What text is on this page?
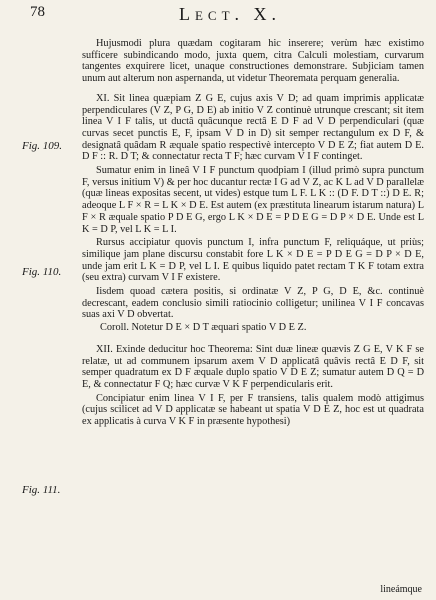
78	Lect. X.
Fig. 109.
Fig. 110.
Fig. 111.

Hujusmodi plura quædam cogitaram hic inserere; verùm hæc existimo sufficere subindicando modo, juxta quem, citra Calculi molestiam, curvarum tangentes exquirere licet, unaque constructiones demonstrare. Subjiciam tamen unum aut alterum non aspernanda, ut videtur Theoremata perquam generalia.

XI. Sit linea quæpiam Z G E, cujus axis V D; ad quam imprimis applicatæ perpendiculares (V Z, P G, D E) ab initio V Z continuè utrunque crescant; sit item linea V I F talis, ut ductâ quâcunque rectâ E D F ad V D perpendiculari (quæ curvas secet punctis E, F, ipsam V D in D) sit semper rectangulum ex D F, & designatâ quâdam R æquale spatio respectivè intercepto V D E Z; fiat autem D E. D F :: R. D T; & connectatur recta T F; hæc curvam V I F continget.

Sumatur enim in lineâ V I F punctum quodpiam I (illud primò supra punctum F, versus initium V) & per hoc ducantur rectæ I G ad V Z, ac K L ad V D parallelæ (quæ lineas expositas secent, ut vides) estque tum L F. L K :: (D F. D T ::) D E. R; adeoque L F × R = L K × D E. Est autem (ex præstituta linearum istarum natura) L F × R æquale spatio P D E G, ergo L K × D E = P D E G = D P × D E. Unde est L K = D P, vel L K = L I.

Rursus accipiatur quovis punctum I, infra punctum F, reliquáque, ut priùs; similique jam plane discursu constabit fore L K × D E = P D E G = D P × D E, unde jam erit L K = D P, vel L I. E quibus liquido patet rectam T K F totam extra (seu extra) curvam V I F existere.

Iisdem quoad cætera positis, si ordinatæ V Z, P G, D E, &c. continuè decrescant, eadem conclusio simili ratiocinio colligetur; unilinea V I F concavas suas axi V D obvertat.

Coroll. Notetur D E × D T æquari spatio V D E Z.

XII. Exinde deducitur hoc Theorema: Sint duæ lineæ quævis Z G E, V K F se relatæ, ut ad communem ipsarum axem V D applicatâ quâvis rectâ E D F, sit semper quadratum ex D F æquale duplo spatio V D E Z; sumatur autem D Q = D E, & connectatur F Q; hæc curvæ V K F perpendicularis erit.

Concipiatur enim linea V I F, per F transiens, talis qualem modò attigimus (cujus scilicet ad V D applicatæ se habeant ut spatia V D E Z, hoc est ut quadrata ex applicatis à curva V K F in præsente hypothesi)

lineámque
